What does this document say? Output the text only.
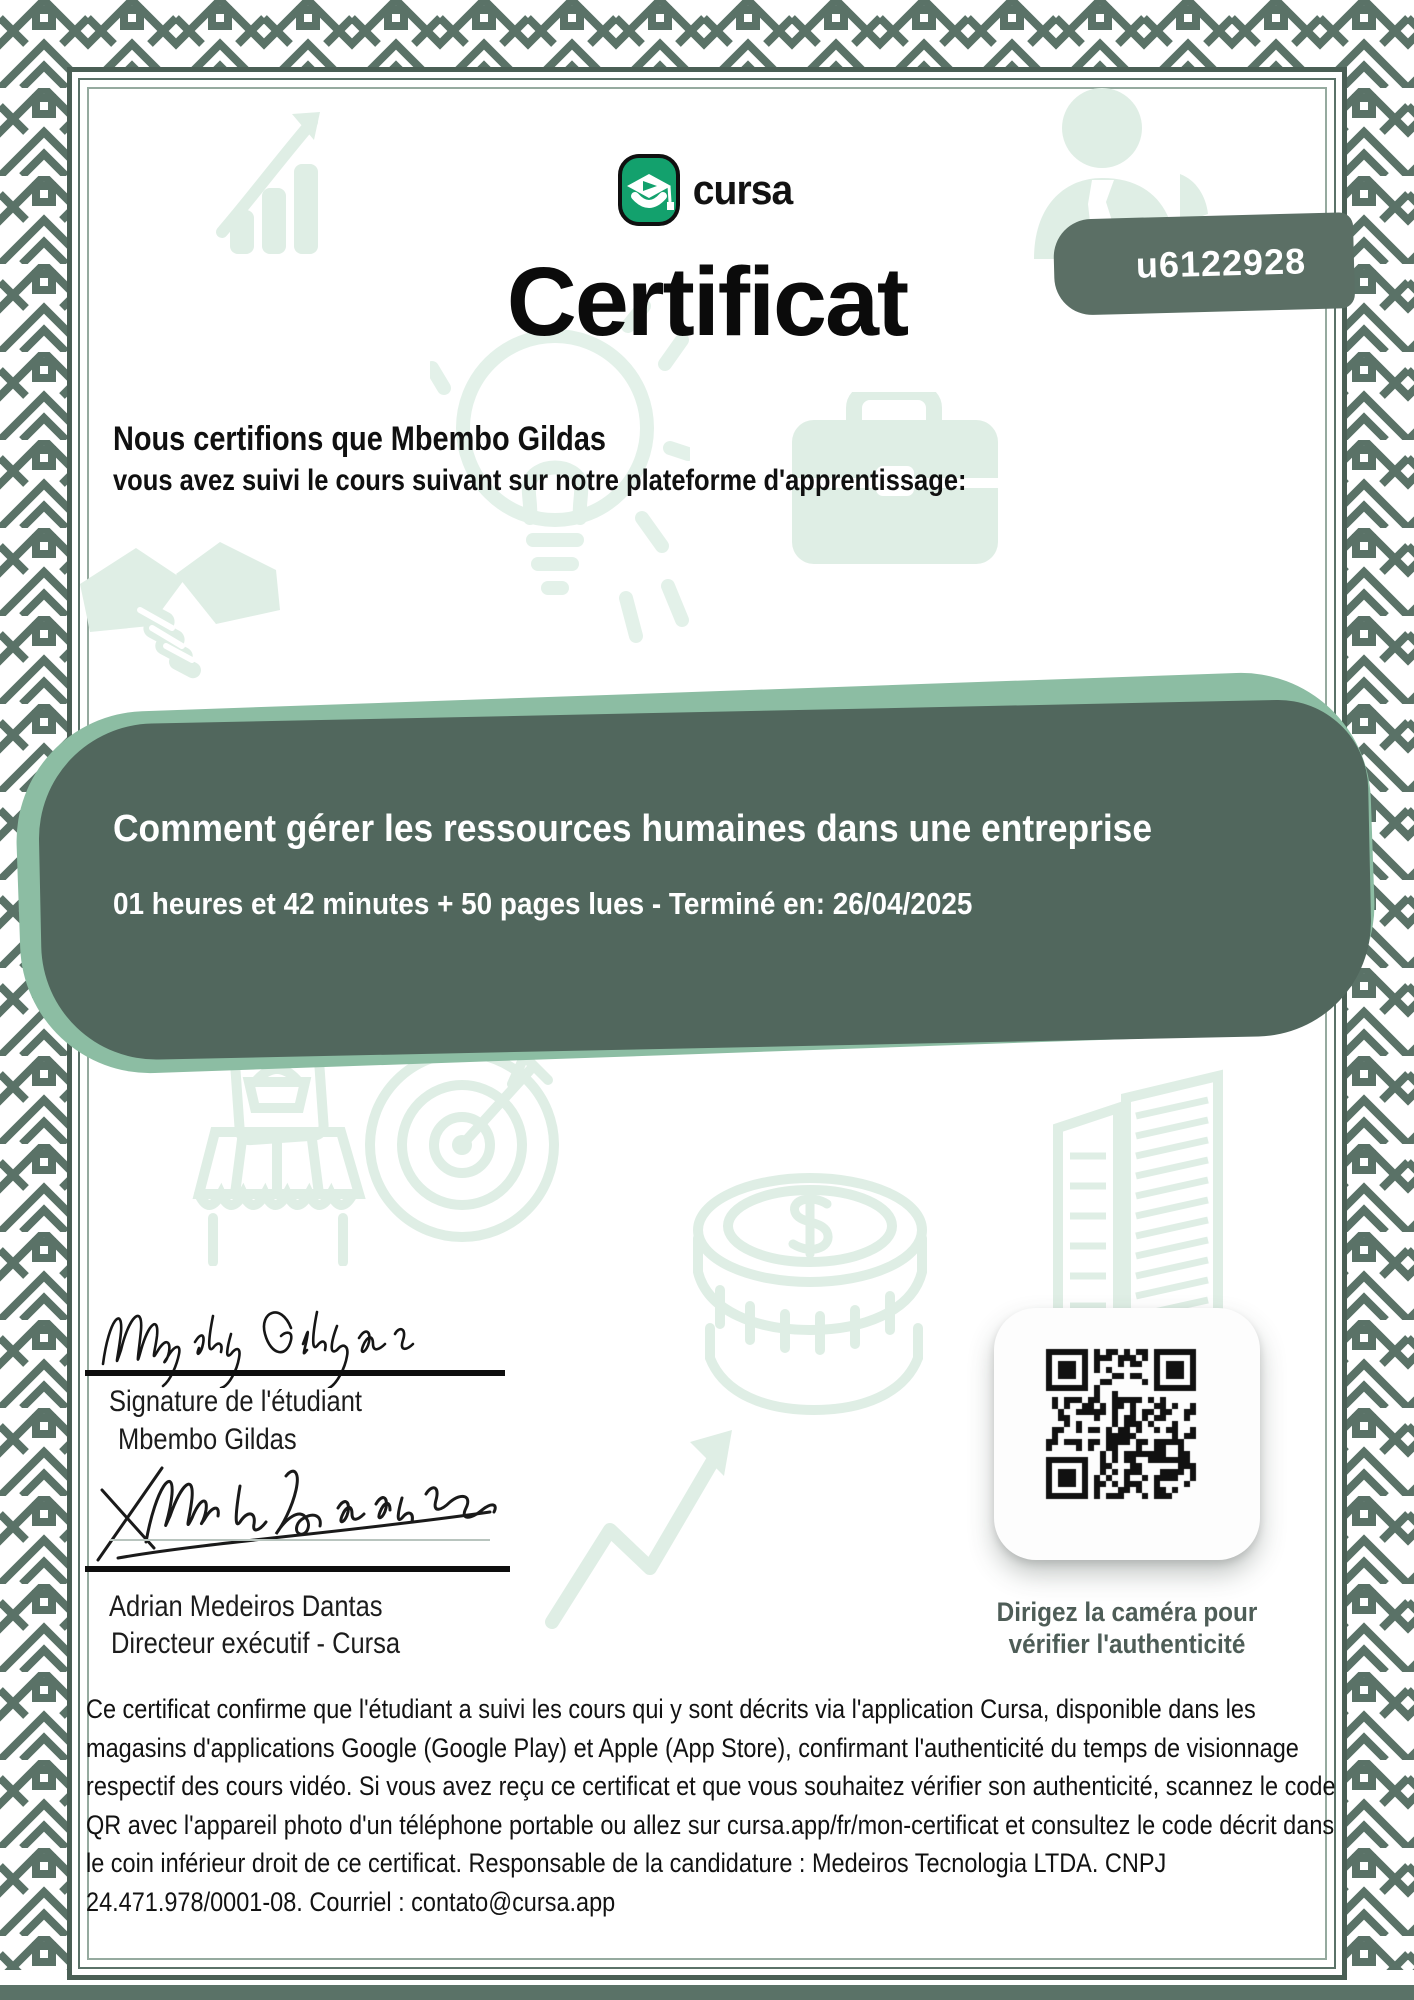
Comment gérer les ressources humaines dans une entreprise
01 heures et 42 minutes + 50 pages lues - Terminé en: 26/04/2025
cursa
Certificat	u6122928
Nous certifions que Mbembo Gildas
vous avez suivi le cours suivant sur notre plateforme d'apprentissage:
Signature de l'étudiant
Mbembo Gildas
Adrian Medeiros Dantas
Directeur exécutif - Cursa
Dirigez la caméra pour
vérifier l'authenticité
Ce certificat confirme que l'étudiant a suivi les cours qui y sont décrits via l'application Cursa, disponible dans les magasins d'applications Google (Google Play) et Apple (App Store), confirmant l'authenticité du temps de visionnage respectif des cours vidéo. Si vous avez reçu ce certificat et que vous souhaitez vérifier son authenticité, scannez le code QR avec l'appareil photo d'un téléphone portable ou allez sur cursa.app/fr/mon-certificat et consultez le code décrit dans le coin inférieur droit de ce certificat. Responsable de la candidature : Medeiros Tecnologia LTDA. CNPJ 24.471.978/0001-08. Courriel : contato@cursa.app
